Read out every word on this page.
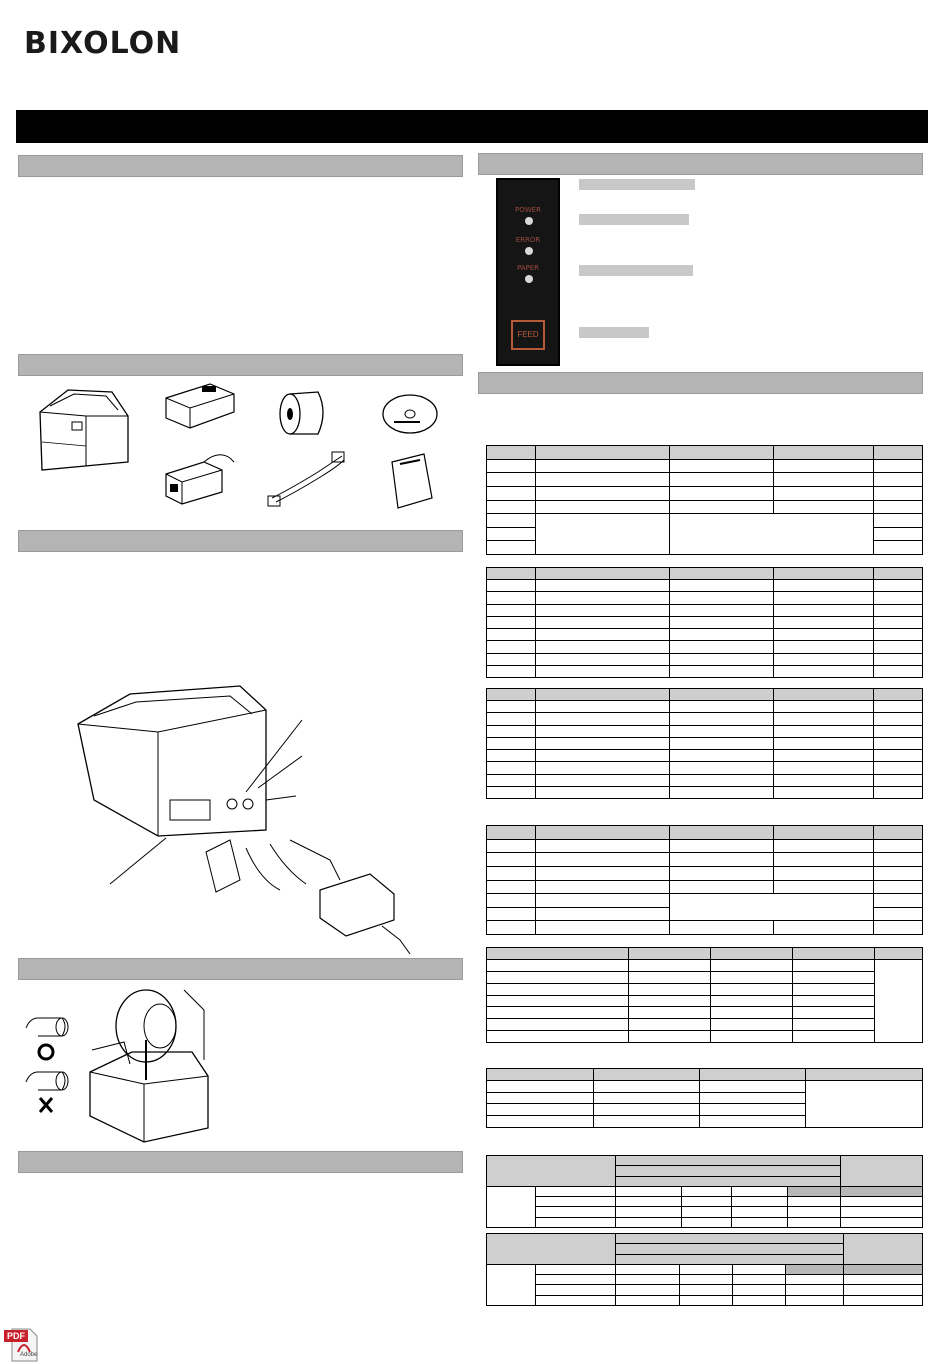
BIXOLON
POWER
ERROR
PAPER
FEED

PDF
Adobe
